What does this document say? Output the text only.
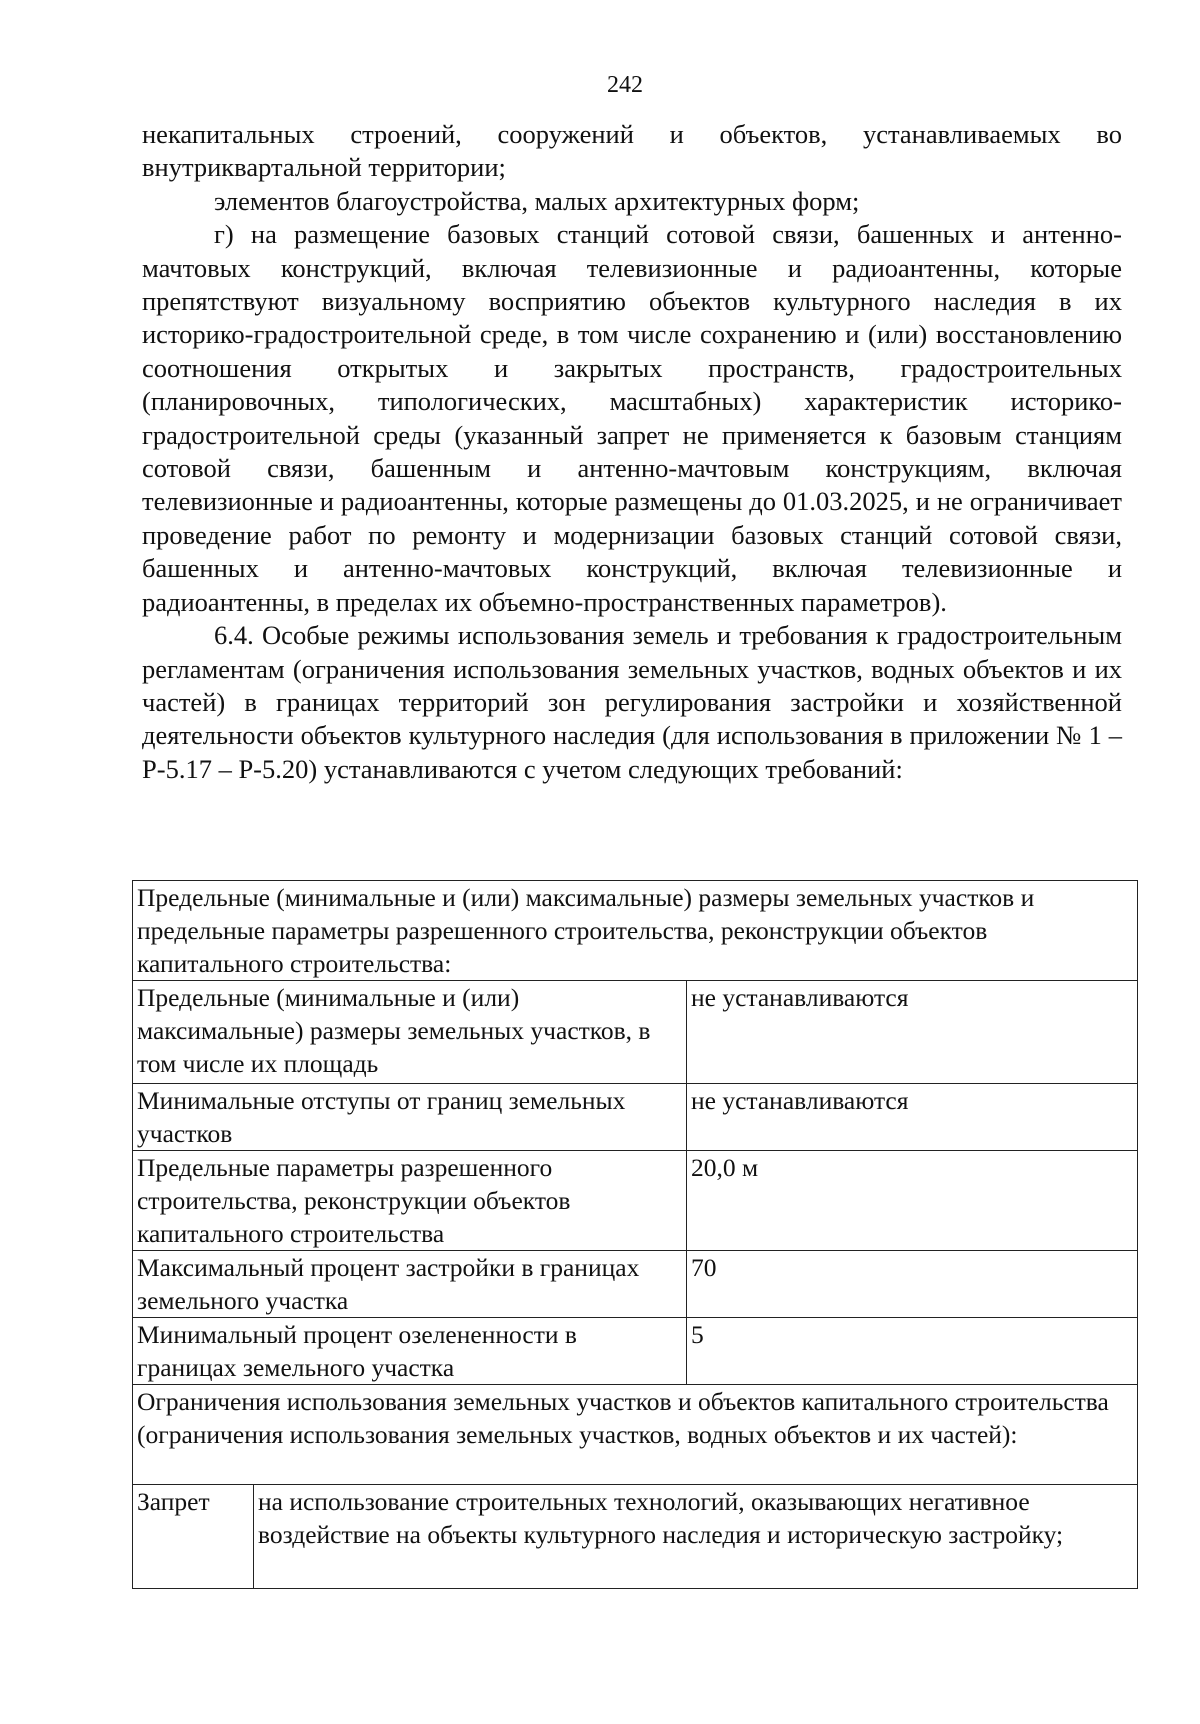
242

некапитальных строений, сооружений и объектов, устанавливаемых во внутриквартальной территории;

элементов благоустройства, малых архитектурных форм;

г) на размещение базовых станций сотовой связи, башенных и антенно-мачтовых конструкций, включая телевизионные и радиоантенны, которые препятствуют визуальному восприятию объектов культурного наследия в их историко-градостроительной среде, в том числе сохранению и (или) восстановлению соотношения открытых и закрытых пространств, градостроительных (планировочных, типологических, масштабных) характеристик историко-градостроительной среды (указанный запрет не применяется к базовым станциям сотовой связи, башенным и антенно-мачтовым конструкциям, включая телевизионные и радиоантенны, которые размещены до 01.03.2025, и не ограничивает проведение работ по ремонту и модернизации базовых станций сотовой связи, башенных и антенно-мачтовых конструкций, включая телевизионные и радиоантенны, в пределах их объемно-пространственных параметров).

6.4. Особые режимы использования земель и требования к градостроительным регламентам (ограничения использования земельных участков, водных объектов и их частей) в границах территорий зон регулирования застройки и хозяйственной деятельности объектов культурного наследия (для использования в приложении № 1 – Р-5.17 – Р-5.20) устанавливаются с учетом следующих требований:

Предельные (минимальные и (или) максимальные) размеры земельных участков и предельные параметры разрешенного строительства, реконструкции объектов капитального строительства:
Предельные (минимальные и (или) максимальные) размеры земельных участков, в том числе их площадь	не устанавливаются
Минимальные отступы от границ земельных участков	не устанавливаются
Предельные параметры разрешенного строительства, реконструкции объектов капитального строительства	20,0 м
Максимальный процент застройки в границах земельного участка	70
Минимальный процент озелененности в границах земельного участка	5
Ограничения использования земельных участков и объектов капитального строительства (ограничения использования земельных участков, водных объектов и их частей):

Запрет	на использование строительных технологий, оказывающих негативное воздействие на объекты культурного наследия и историческую застройку;
